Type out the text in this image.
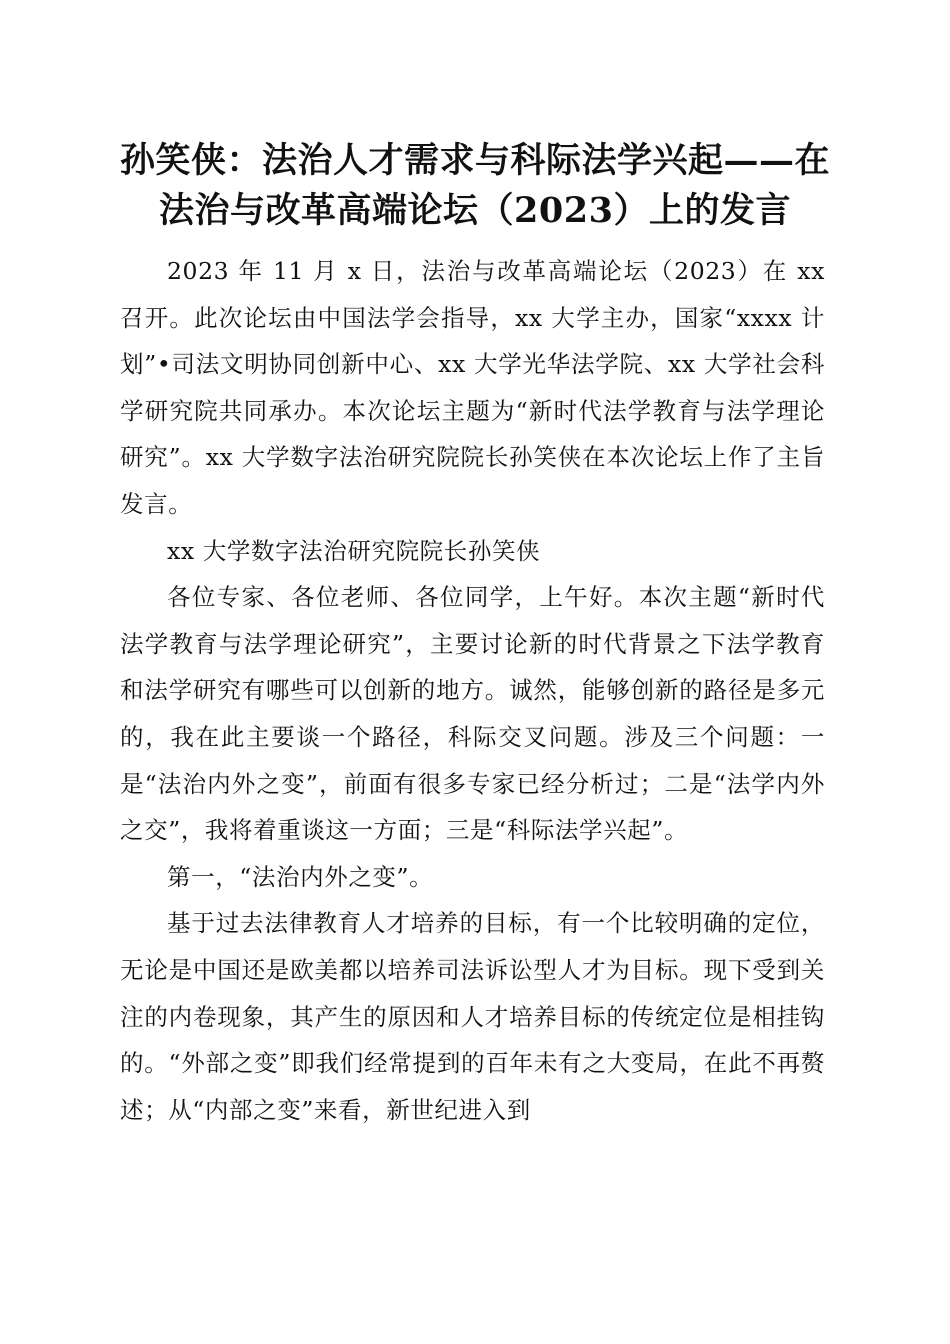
孙笑侠：法治人才需求与科际法学兴起——在
法治与改革高端论坛（2023）上的发言

2023 年 11 月 x 日，法治与改革高端论坛（2023）在 xx 召开。此次论坛由中国法学会指导，xx 大学主办，国家“xxxx 计划”•司法文明协同创新中心、xx 大学光华法学院、xx 大学社会科学研究院共同承办。本次论坛主题为“新时代法学教育与法学理论研究”。xx 大学数字法治研究院院长孙笑侠在本次论坛上作了主旨发言。

xx 大学数字法治研究院院长孙笑侠

各位专家、各位老师、各位同学，上午好。本次主题“新时代法学教育与法学理论研究”，主要讨论新的时代背景之下法学教育和法学研究有哪些可以创新的地方。诚然，能够创新的路径是多元的，我在此主要谈一个路径，科际交叉问题。涉及三个问题：一是“法治内外之变”，前面有很多专家已经分析过；二是“法学内外之交”，我将着重谈这一方面；三是“科际法学兴起”。

第一，“法治内外之变”。

基于过去法律教育人才培养的目标，有一个比较明确的定位，无论是中国还是欧美都以培养司法诉讼型人才为目标。现下受到关注的内卷现象，其产生的原因和人才培养目标的传统定位是相挂钩的。“外部之变”即我们经常提到的百年未有之大变局，在此不再赘述；从“内部之变”来看，新世纪进入到
